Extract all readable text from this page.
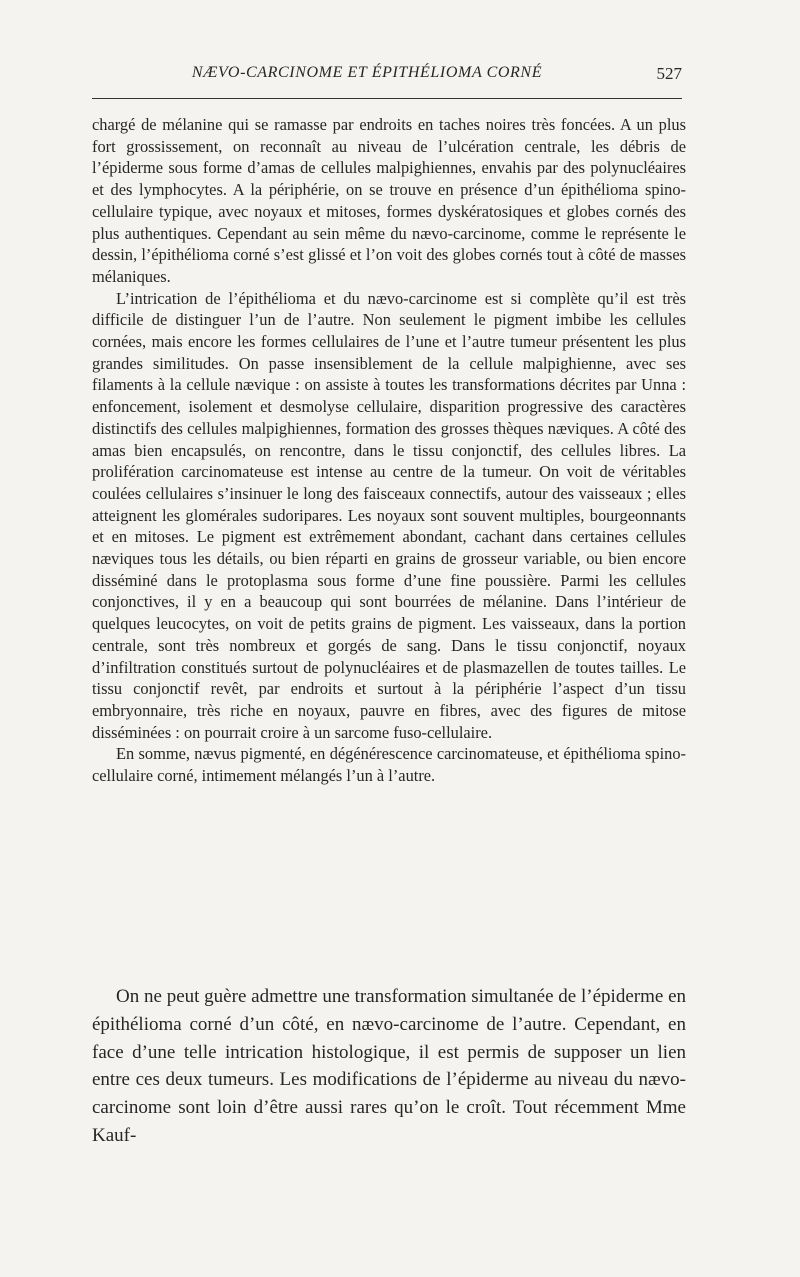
NÆVO-CARCINOME ET ÉPITHÉLIOMA CORNÉ	527

chargé de mélanine qui se ramasse par endroits en taches noires très foncées. A un plus fort grossissement, on reconnaît au niveau de l’ulcération centrale, les débris de l’épiderme sous forme d’amas de cellules malpighiennes, envahis par des polynucléaires et des lymphocytes. A la périphérie, on se trouve en présence d’un épithélioma spino-cellulaire typique, avec noyaux et mitoses, formes dyskératosiques et globes cornés des plus authentiques. Cependant au sein même du nævo-carcinome, comme le représente le dessin, l’épithélioma corné s’est glissé et l’on voit des globes cornés tout à côté de masses mélaniques.

L’intrication de l’épithélioma et du nævo-carcinome est si complète qu’il est très difficile de distinguer l’un de l’autre. Non seulement le pigment imbibe les cellules cornées, mais encore les formes cellulaires de l’une et l’autre tumeur présentent les plus grandes similitudes. On passe insensiblement de la cellule malpighienne, avec ses filaments à la cellule nævique : on assiste à toutes les transformations décrites par Unna : enfoncement, isolement et desmolyse cellulaire, disparition progressive des caractères distinctifs des cellules malpighiennes, formation des grosses thèques næviques. A côté des amas bien encapsulés, on rencontre, dans le tissu conjonctif, des cellules libres. La prolifération carcinomateuse est intense au centre de la tumeur. On voit de véritables coulées cellulaires s’insinuer le long des faisceaux connectifs, autour des vaisseaux ; elles atteignent les glomérales sudoripares. Les noyaux sont souvent multiples, bourgeonnants et en mitoses. Le pigment est extrêmement abondant, cachant dans certaines cellules næviques tous les détails, ou bien réparti en grains de grosseur variable, ou bien encore disséminé dans le protoplasma sous forme d’une fine poussière. Parmi les cellules conjonctives, il y en a beaucoup qui sont bourrées de mélanine. Dans l’intérieur de quelques leucocytes, on voit de petits grains de pigment. Les vaisseaux, dans la portion centrale, sont très nombreux et gorgés de sang. Dans le tissu conjonctif, noyaux d’infiltration constitués surtout de polynucléaires et de plasmazellen de toutes tailles. Le tissu conjonctif revêt, par endroits et surtout à la périphérie l’aspect d’un tissu embryonnaire, très riche en noyaux, pauvre en fibres, avec des figures de mitose disséminées : on pourrait croire à un sarcome fuso-cellulaire.

En somme, nævus pigmenté, en dégénérescence carcinomateuse, et épithélioma spino-cellulaire corné, intimement mélangés l’un à l’autre.

On ne peut guère admettre une transformation simultanée de l’épiderme en épithélioma corné d’un côté, en nævo-carcinome de l’autre. Cependant, en face d’une telle intrication histologique, il est permis de supposer un lien entre ces deux tumeurs. Les modifications de l’épiderme au niveau du nævo-carcinome sont loin d’être aussi rares qu’on le croît. Tout récemment Mme Kauf-
